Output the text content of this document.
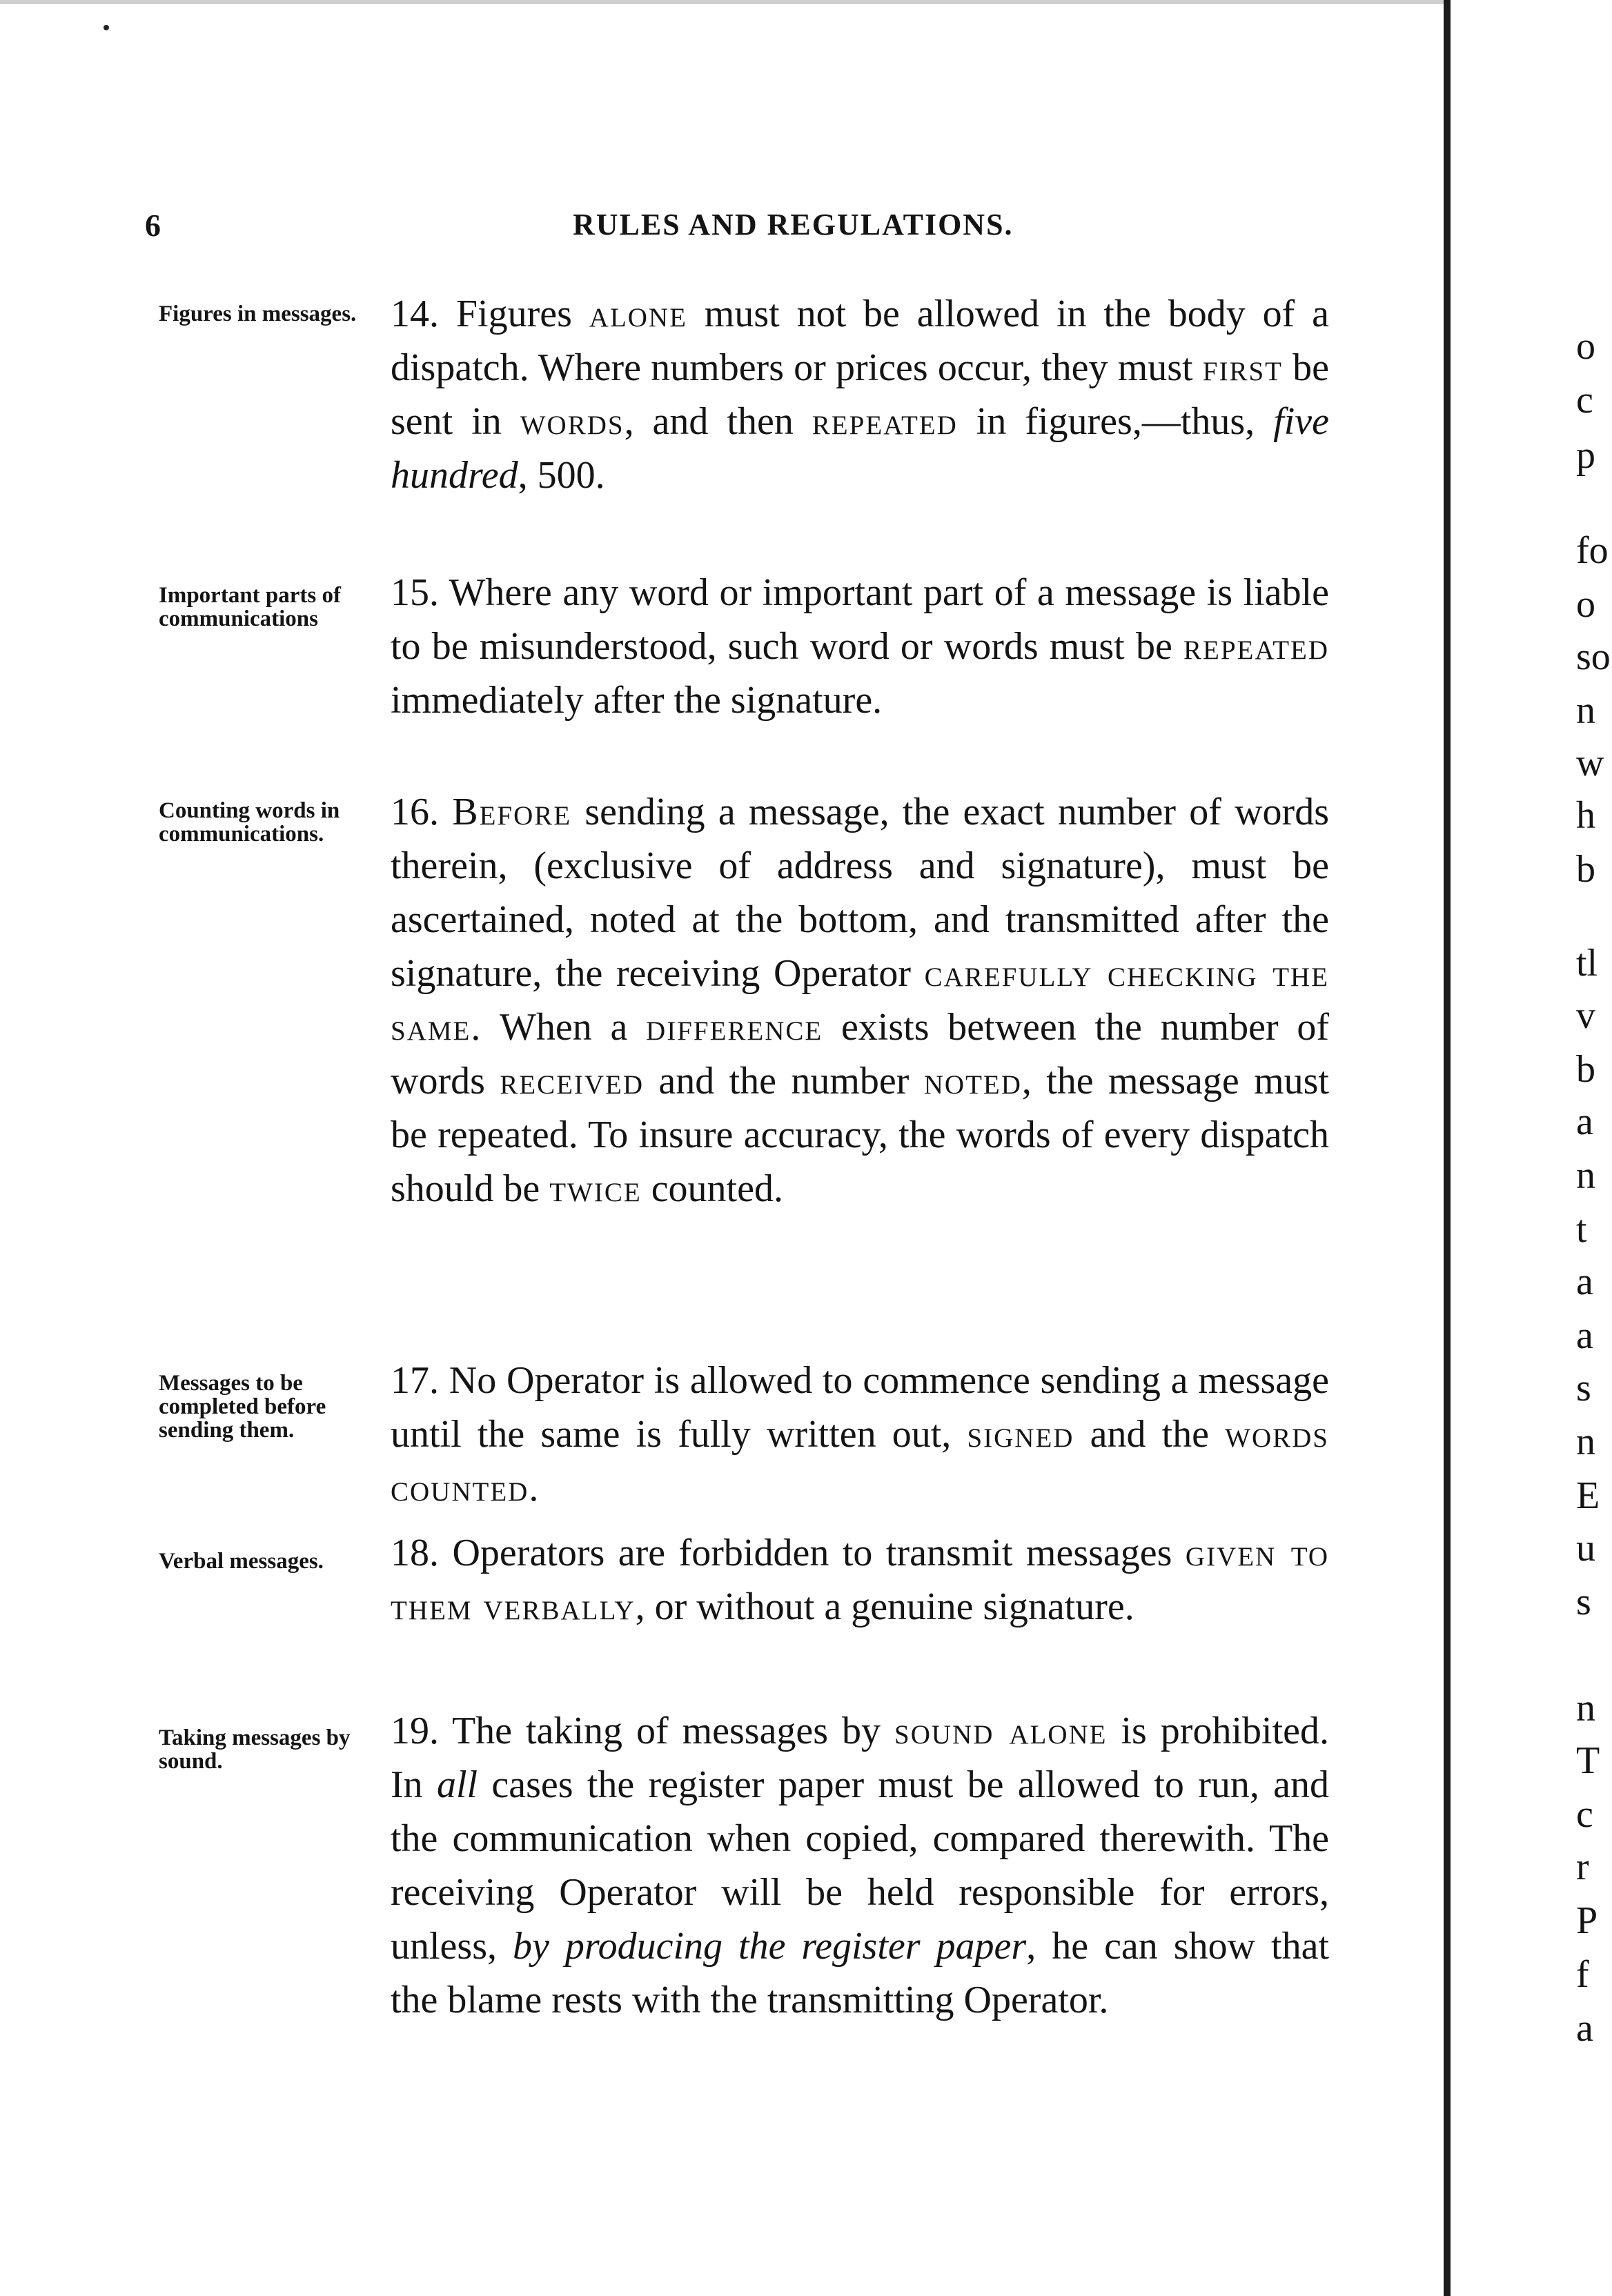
6	RULES AND REGULATIONS.
Figures in messages. 14. Figures alone must not be allowed in the body of a dispatch. Where numbers or prices occur, they must first be sent in words, and then repeated in figures,—thus, five hundred, 500.
Important parts of communications
15. Where any word or important part of a message is liable to be misunderstood, such word or words must be repeated immediately after the signature.
Counting words in communications.
16. Before sending a message, the exact number of words therein, (exclusive of address and signature), must be ascertained, noted at the bottom, and transmitted after the signature, the receiving Operator carefully checking the same. When a difference exists between the number of words received and the number noted, the message must be repeated. To insure accuracy, the words of every dispatch should be twice counted.
Messages to be completed before sending them.
17. No Operator is allowed to commence sending a message until the same is fully written out, signed and the words counted.
Verbal messages.	18. Operators are forbidden to transmit messages given to them verbally, or without a genuine signature.
Taking messages by sound.
19. The taking of messages by sound alone is prohibited. In all cases the register paper must be allowed to run, and the communication when copied, compared therewith. The receiving Operator will be held responsible for errors, unless, by producing the register paper, he can show that the blame rests with the transmitting Operator.
o
c
p
fo
o
so
n
w
h
b
tl
v
b
a
n
t
a
a
s
n
E
u
s
n
T
c
r
P
f
a
